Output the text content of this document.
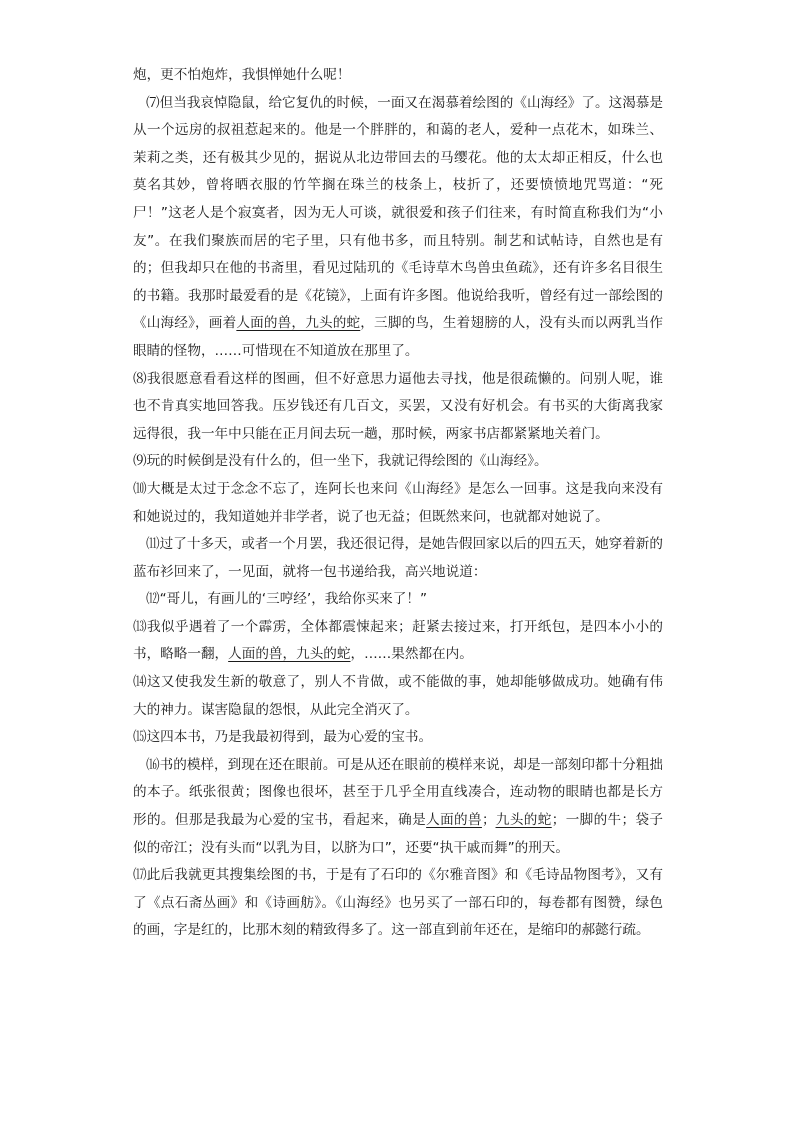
炮，更不怕炮炸，我惧惮她什么呢！

⑺但当我哀悼隐鼠，给它复仇的时候，一面又在渴慕着绘图的《山海经》了。这渴慕是从一个远房的叔祖惹起来的。他是一个胖胖的，和蔼的老人，爱种一点花木，如珠兰、茉莉之类，还有极其少见的，据说从北边带回去的马缨花。他的太太却正相反，什么也莫名其妙，曾将晒衣服的竹竿搁在珠兰的枝条上，枝折了，还要愤愤地咒骂道：“死尸！”这老人是个寂寞者，因为无人可谈，就很爱和孩子们往来，有时简直称我们为“小友”。在我们聚族而居的宅子里，只有他书多，而且特别。制艺和试帖诗，自然也是有的；但我却只在他的书斋里，看见过陆玑的《毛诗草木鸟兽虫鱼疏》，还有许多名目很生的书籍。我那时最爱看的是《花镜》，上面有许多图。他说给我听，曾经有过一部绘图的《山海经》，画着人面的兽，九头的蛇，三脚的鸟，生着翅膀的人，没有头而以两乳当作眼睛的怪物，……可惜现在不知道放在那里了。

⑻我很愿意看看这样的图画，但不好意思力逼他去寻找，他是很疏懒的。问别人呢，谁也不肯真实地回答我。压岁钱还有几百文，买罢，又没有好机会。有书买的大街离我家远得很，我一年中只能在正月间去玩一趟，那时候，两家书店都紧紧地关着门。

⑼玩的时候倒是没有什么的，但一坐下，我就记得绘图的《山海经》。

⑽大概是太过于念念不忘了，连阿长也来问《山海经》是怎么一回事。这是我向来没有和她说过的，我知道她并非学者，说了也无益；但既然来问，也就都对她说了。

⑾过了十多天，或者一个月罢，我还很记得，是她告假回家以后的四五天，她穿着新的蓝布衫回来了，一见面，就将一包书递给我，高兴地说道：

⑿“哥儿，有画儿的‘三哼经’，我给你买来了！”

⒀我似乎遇着了一个霹雳，全体都震悚起来；赶紧去接过来，打开纸包，是四本小小的书，略略一翻，人面的兽，九头的蛇，……果然都在内。

⒁这又使我发生新的敬意了，别人不肯做，或不能做的事，她却能够做成功。她确有伟大的神力。谋害隐鼠的怨恨，从此完全消灭了。

⒂这四本书，乃是我最初得到，最为心爱的宝书。

⒃书的模样，到现在还在眼前。可是从还在眼前的模样来说，却是一部刻印都十分粗拙的本子。纸张很黄；图像也很坏，甚至于几乎全用直线凑合，连动物的眼睛也都是长方形的。但那是我最为心爱的宝书，看起来，确是人面的兽；九头的蛇；一脚的牛；袋子似的帝江；没有头而“以乳为目，以脐为口”，还要“执干戚而舞”的刑天。

⒄此后我就更其搜集绘图的书，于是有了石印的《尔雅音图》和《毛诗品物图考》，又有了《点石斋丛画》和《诗画舫》。《山海经》也另买了一部石印的，每卷都有图赞，绿色的画，字是红的，比那木刻的精致得多了。这一部直到前年还在，是缩印的郝懿行疏。
